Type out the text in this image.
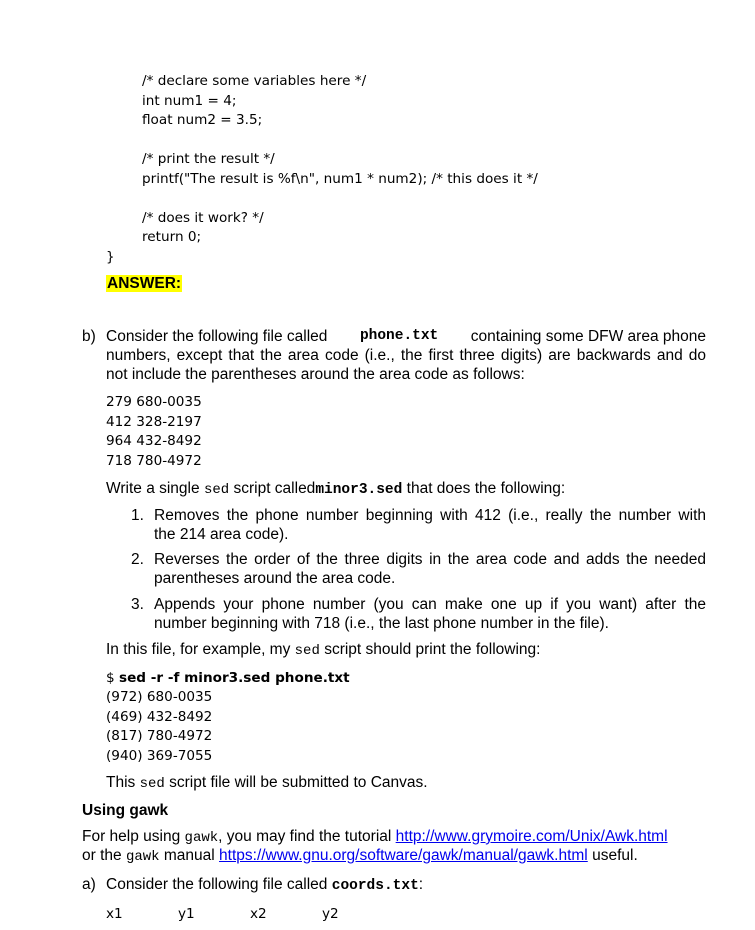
/* declare some variables here */
int num1 = 4;
float num2 = 3.5;
/* print the result */
printf("The result is %f\n", num1 * num2); /* this does it */
/* does it work? */
return 0;
}
ANSWER:
b) Consider the following file called phone.txt containing some DFW area phone
numbers, except that the area code (i.e., the first three digits) are backwards and do
not include the parentheses around the area code as follows:
279 680-0035
412 328-2197
964 432-8492
718 780-4972
Write a single sed script calledminor3.sed that does the following:
1. Removes the phone number beginning with 412 (i.e., really the number with
the 214 area code).
2. Reverses the order of the three digits in the area code and adds the needed
parentheses around the area code.
3. Appends your phone number (you can make one up if you want) after the
number beginning with 718 (i.e., the last phone number in the file).
In this file, for example, my sed script should print the following:
$ sed -r -f minor3.sed phone.txt
(972) 680-0035
(469) 432-8492
(817) 780-4972
(940) 369-7055
This sed script file will be submitted to Canvas.
Using gawk
For help using gawk, you may find the tutorial http://www.grymoire.com/Unix/Awk.html
or the gawk manual https://www.gnu.org/software/gawk/manual/gawk.html useful.
a) Consider the following file called coords.txt:
x1	y1	x2	y2
